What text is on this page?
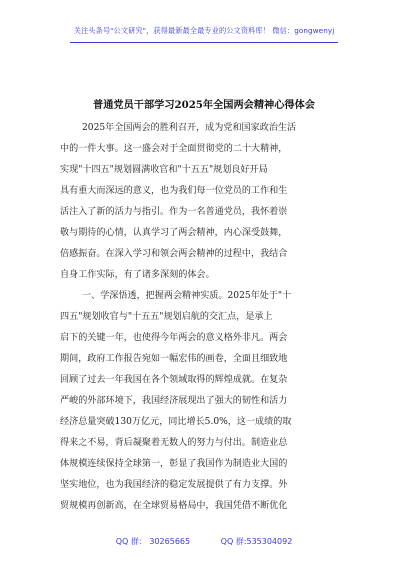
关注头条号"公文研究"，获得最新最全最专业的公文资料库！ 微信：gongwenyj
普通党员干部学习2025年全国两会精神心得体会
2025年全国两会的胜利召开，成为党和国家政治生活
中的一件大事。这一盛会对于全面贯彻党的二十大精神，
实现"十四五"规划圆满收官和"十五五"规划良好开局
具有重大而深远的意义，也为我们每一位党员的工作和生
活注入了新的活力与指引。作为一名普通党员，我怀着崇
敬与期待的心情，认真学习了两会精神，内心深受鼓舞，
倍感振奋。在深入学习和领会两会精神的过程中，我结合
自身工作实际，有了诸多深刻的体会。
一、学深悟透，把握两会精神实质。2025年处于"十
四五"规划收官与"十五五"规划启航的交汇点，是承上
启下的关键一年，也使得今年两会的意义格外非凡。两会
期间，政府工作报告宛如一幅宏伟的画卷，全面且细致地
回顾了过去一年我国在各个领域取得的辉煌成就。在复杂
严峻的外部环境下，我国经济展现出了强大的韧性和活力
经济总量突破130万亿元，同比增长5.0%，这一成绩的取
得来之不易，背后凝聚着无数人的努力与付出。制造业总
体规模连续保持全球第一，彰显了我国作为制造业大国的
坚实地位，也为我国经济的稳定发展提供了有力支撑。外
贸规模再创新高，在全球贸易格局中，我国凭借不断优化
QQ 群： 30265665	QQ 群:535304092
